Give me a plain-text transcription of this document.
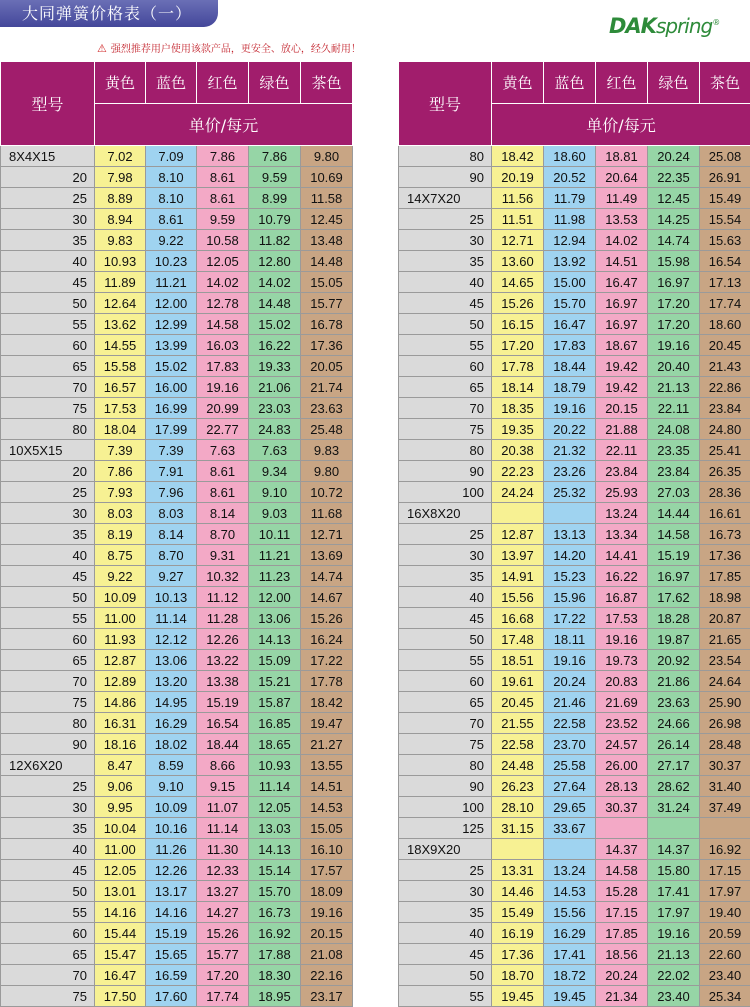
大同弹簧价格表（一）
⚠ 强烈推荐用户使用该款产品，更安全、放心，经久耐用！
DAKspring®
型号	黄色	蓝色	红色	绿色	茶色
	单价/每元				
8X4X15	7.02	7.09	7.86	7.86	9.80
20	7.98	8.10	8.61	9.59	10.69
25	8.89	8.10	8.61	8.99	11.58
30	8.94	8.61	9.59	10.79	12.45
35	9.83	9.22	10.58	11.82	13.48
40	10.93	10.23	12.05	12.80	14.48
45	11.89	11.21	14.02	14.02	15.05
50	12.64	12.00	12.78	14.48	15.77
55	13.62	12.99	14.58	15.02	16.78
60	14.55	13.99	16.03	16.22	17.36
65	15.58	15.02	17.83	19.33	20.05
70	16.57	16.00	19.16	21.06	21.74
75	17.53	16.99	20.99	23.03	23.63
80	18.04	17.99	22.77	24.83	25.48
10X5X15	7.39	7.39	7.63	7.63	9.83
20	7.86	7.91	8.61	9.34	9.80
25	7.93	7.96	8.61	9.10	10.72
30	8.03	8.03	8.14	9.03	11.68
35	8.19	8.14	8.70	10.11	12.71
40	8.75	8.70	9.31	11.21	13.69
45	9.22	9.27	10.32	11.23	14.74
50	10.09	10.13	11.12	12.00	14.67
55	11.00	11.14	11.28	13.06	15.26
60	11.93	12.12	12.26	14.13	16.24
65	12.87	13.06	13.22	15.09	17.22
70	12.89	13.20	13.38	15.21	17.78
75	14.86	14.95	15.19	15.87	18.42
80	16.31	16.29	16.54	16.85	19.47
90	18.16	18.02	18.44	18.65	21.27
12X6X20	8.47	8.59	8.66	10.93	13.55
25	9.06	9.10	9.15	11.14	14.51
30	9.95	10.09	11.07	12.05	14.53
35	10.04	10.16	11.14	13.03	15.05
40	11.00	11.26	11.30	14.13	16.10
45	12.05	12.26	12.33	15.14	17.57
50	13.01	13.17	13.27	15.70	18.09
55	14.16	14.16	14.27	16.73	19.16
60	15.44	15.19	15.26	16.92	20.15
65	15.47	15.65	15.77	17.88	21.08
70	16.47	16.59	17.20	18.30	22.16
75	17.50	17.60	17.74	18.95	23.17
型号	黄色	蓝色	红色	绿色	茶色
	单价/每元				
80	18.42	18.60	18.81	20.24	25.08
90	20.19	20.52	20.64	22.35	26.91
14X7X20	11.56	11.79	11.49	12.45	15.49
25	11.51	11.98	13.53	14.25	15.54
30	12.71	12.94	14.02	14.74	15.63
35	13.60	13.92	14.51	15.98	16.54
40	14.65	15.00	16.47	16.97	17.13
45	15.26	15.70	16.97	17.20	17.74
50	16.15	16.47	16.97	17.20	18.60
55	17.20	17.83	18.67	19.16	20.45
60	17.78	18.44	19.42	20.40	21.43
65	18.14	18.79	19.42	21.13	22.86
70	18.35	19.16	20.15	22.11	23.84
75	19.35	20.22	21.88	24.08	24.80
80	20.38	21.32	22.11	23.35	25.41
90	22.23	23.26	23.84	23.84	26.35
100	24.24	25.32	25.93	27.03	28.36
16X8X20			13.24	14.44	16.61
25	12.87	13.13	13.34	14.58	16.73
30	13.97	14.20	14.41	15.19	17.36
35	14.91	15.23	16.22	16.97	17.85
40	15.56	15.96	16.87	17.62	18.98
45	16.68	17.22	17.53	18.28	20.87
50	17.48	18.11	19.16	19.87	21.65
55	18.51	19.16	19.73	20.92	23.54
60	19.61	20.24	20.83	21.86	24.64
65	20.45	21.46	21.69	23.63	25.90
70	21.55	22.58	23.52	24.66	26.98
75	22.58	23.70	24.57	26.14	28.48
80	24.48	25.58	26.00	27.17	30.37
90	26.23	27.64	28.13	28.62	31.40
100	28.10	29.65	30.37	31.24	37.49
125	31.15	33.67			
18X9X20			14.37	14.37	16.92
25	13.31	13.24	14.58	15.80	17.15
30	14.46	14.53	15.28	17.41	17.97
35	15.49	15.56	17.15	17.97	19.40
40	16.19	16.29	17.85	19.16	20.59
45	17.36	17.41	18.56	21.13	22.60
50	18.70	18.72	20.24	22.02	23.40
55	19.45	19.45	21.34	23.40	25.34
